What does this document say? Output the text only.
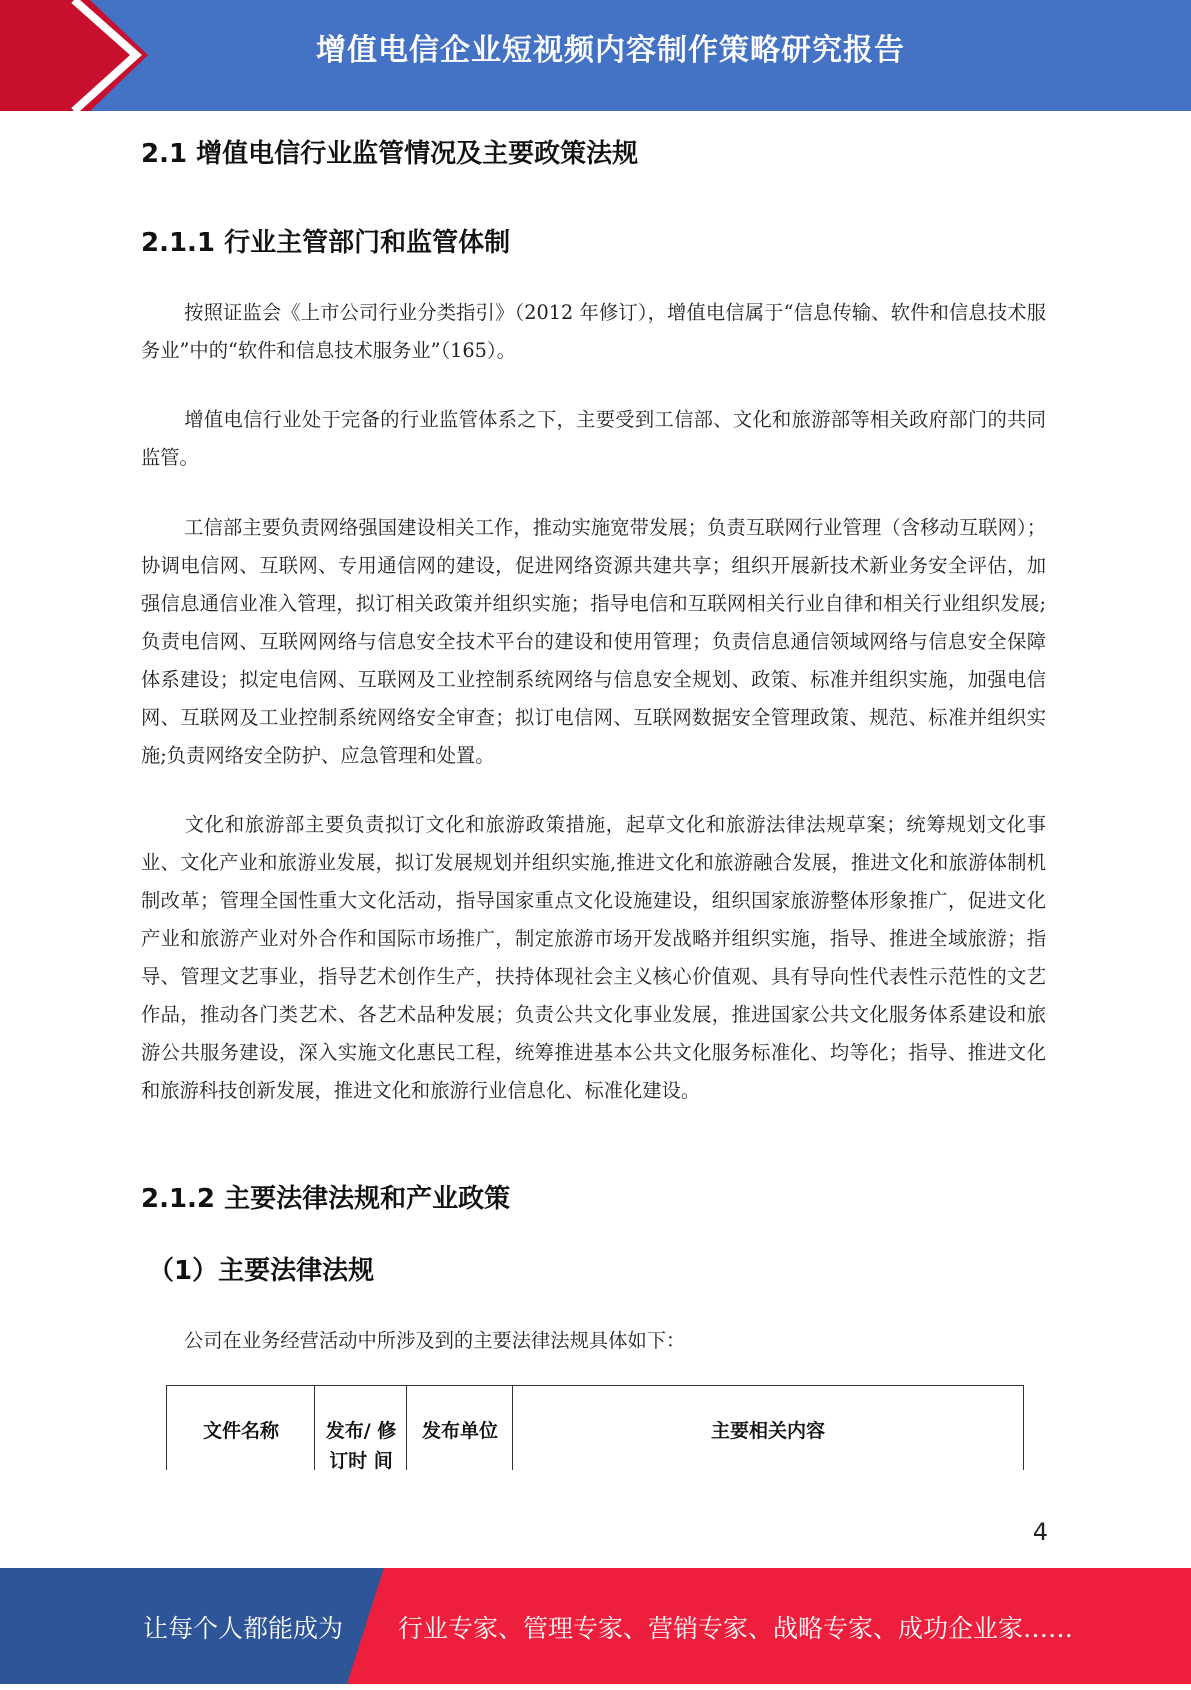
增值电信企业短视频内容制作策略研究报告
2.1 增值电信行业监管情况及主要政策法规
2.1.1 行业主管部门和监管体制

按照证监会《上市公司行业分类指引》（2012 年修订），增值电信属于“信息传输、软件和信息技术服务业”中的“软件和信息技术服务业”（165）。

增值电信行业处于完备的行业监管体系之下，主要受到工信部、文化和旅游部等相关政府部门的共同监管。

工信部主要负责网络强国建设相关工作，推动实施宽带发展；负责互联网行业管理（含移动互联网）；协调电信网、互联网、专用通信网的建设，促进网络资源共建共享；组织开展新技术新业务安全评估，加强信息通信业准入管理，拟订相关政策并组织实施；指导电信和互联网相关行业自律和相关行业组织发展;负责电信网、互联网网络与信息安全技术平台的建设和使用管理；负责信息通信领域网络与信息安全保障体系建设；拟定电信网、互联网及工业控制系统网络与信息安全规划、政策、标准并组织实施，加强电信网、互联网及工业控制系统网络安全审查；拟订电信网、互联网数据安全管理政策、规范、标准并组织实施;负责网络安全防护、应急管理和处置。

文化和旅游部主要负责拟订文化和旅游政策措施，起草文化和旅游法律法规草案；统筹规划文化事业、文化产业和旅游业发展，拟订发展规划并组织实施,推进文化和旅游融合发展，推进文化和旅游体制机制改革；管理全国性重大文化活动，指导国家重点文化设施建设，组织国家旅游整体形象推广，促进文化产业和旅游产业对外合作和国际市场推广，制定旅游市场开发战略并组织实施，指导、推进全域旅游；指导、管理文艺事业，指导艺术创作生产，扶持体现社会主义核心价值观、具有导向性代表性示范性的文艺作品，推动各门类艺术、各艺术品种发展；负责公共文化事业发展，推进国家公共文化服务体系建设和旅游公共服务建设，深入实施文化惠民工程，统筹推进基本公共文化服务标准化、均等化；指导、推进文化和旅游科技创新发展，推进文化和旅游行业信息化、标准化建设。

2.1.2 主要法律法规和产业政策
（1）主要法律法规

公司在业务经营活动中所涉及到的主要法律法规具体如下：

文件名称	发布/ 修订时 间
发布单位	主要相关内容
4
让每个人都能成为 行业专家、管理专家、营销专家、战略专家、成功企业家……
